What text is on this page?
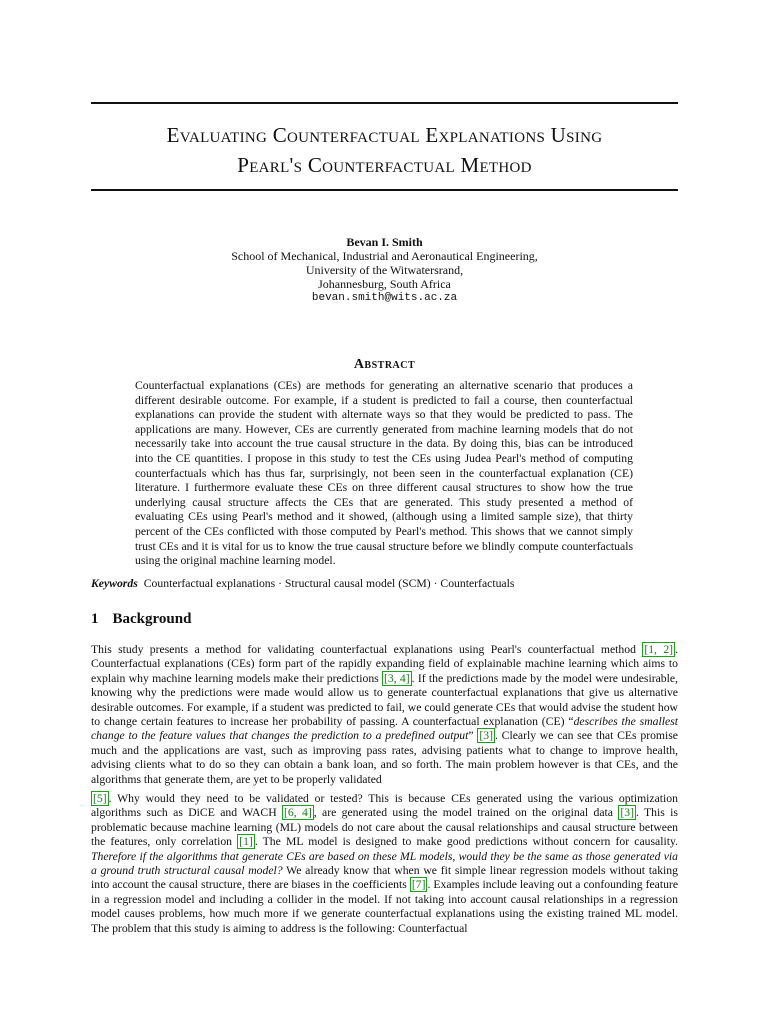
Evaluating Counterfactual Explanations Using
Pearl's Counterfactual Method
Bevan I. Smith
School of Mechanical, Industrial and Aeronautical Engineering,
University of the Witwatersrand,
Johannesburg, South Africa
bevan.smith@wits.ac.za
Abstract
Counterfactual explanations (CEs) are methods for generating an alternative scenario that produces a different desirable outcome. For example, if a student is predicted to fail a course, then counterfactual explanations can provide the student with alternate ways so that they would be predicted to pass. The applications are many. However, CEs are currently generated from machine learning models that do not necessarily take into account the true causal structure in the data. By doing this, bias can be introduced into the CE quantities. I propose in this study to test the CEs using Judea Pearl's method of computing counterfactuals which has thus far, surprisingly, not been seen in the counterfactual explanation (CE) literature. I furthermore evaluate these CEs on three different causal structures to show how the true underlying causal structure affects the CEs that are generated. This study presented a method of evaluating CEs using Pearl's method and it showed, (although using a limited sample size), that thirty percent of the CEs conflicted with those computed by Pearl's method. This shows that we cannot simply trust CEs and it is vital for us to know the true causal structure before we blindly compute counterfactuals using the original machine learning model.
Keywords Counterfactual explanations · Structural causal model (SCM) · Counterfactuals
1 Background
This study presents a method for validating counterfactual explanations using Pearl's counterfactual method [1, 2] . Counterfactual explanations (CEs) form part of the rapidly expanding field of explainable machine learning which aims to explain why machine learning models make their predictions [3, 4] . If the predictions made by the model were undesirable, knowing why the predictions were made would allow us to generate counterfactual explanations that give us alternative desirable outcomes. For example, if a student was predicted to fail, we could generate CEs that would advise the student how to change certain features to increase her probability of passing. A counterfactual explanation (CE) “describes the smallest change to the feature values that changes the prediction to a predefined output” [3] . Clearly we can see that CEs promise much and the applications are vast, such as improving pass rates, advising patients what to change to improve health, advising clients what to do so they can obtain a bank loan, and so forth. The main problem however is that CEs, and the algorithms that generate them, are yet to be properly validated
[5] . Why would they need to be validated or tested? This is because CEs generated using the various optimization algorithms such as DiCE and WACH [6, 4] , are generated using the model trained on the original data [3] . This is problematic because machine learning (ML) models do not care about the causal relationships and causal structure between the features, only correlation [1] . The ML model is designed to make good predictions without concern for causality. Therefore if the algorithms that generate CEs are based on these ML models, would they be the same as those generated via a ground truth structural causal model? We already know that when we fit simple linear regression models without taking into account the causal structure, there are biases in the coefficients [7] . Examples include leaving out a confounding feature in a regression model and including a collider in the model. If not taking into account causal relationships in a regression model causes problems, how much more if we generate counterfactual explanations using the existing trained ML model. The problem that this study is aiming to address is the following: Counterfactual
